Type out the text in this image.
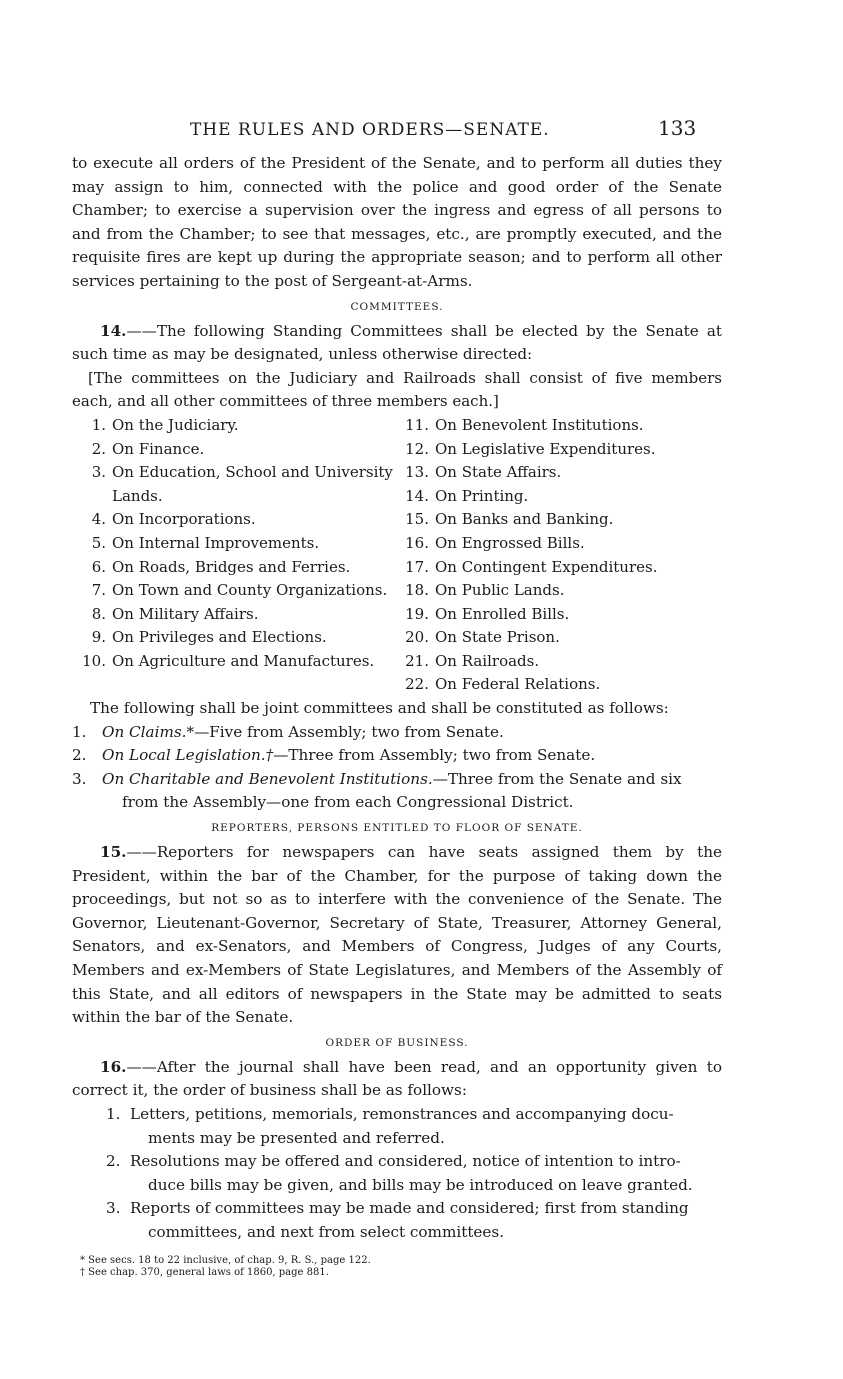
THE RULES AND ORDERS—SENATE.	133

to execute all orders of the President of the Senate, and to perform all duties they may assign to him, connected with the police and good order of the Senate Chamber; to exercise a supervision over the ingress and egress of all persons to and from the Chamber; to see that messages, etc., are promptly executed, and the requisite fires are kept up during the appropriate season; and to perform all other services pertaining to the post of Sergeant-at-Arms.

COMMITTEES.

14.——The following Standing Committees shall be elected by the Senate at such time as may be designated, unless otherwise directed:

[The committees on the Judiciary and Railroads shall consist of five members each, and all other committees of three members each.]

1. On the Judiciary.
2. On Finance.
3. On Education, School and University Lands.
4. On Incorporations.
5. On Internal Improvements.
6. On Roads, Bridges and Ferries.
7. On Town and County Organizations.
8. On Military Affairs.
9. On Privileges and Elections.
10. On Agriculture and Manufactures.
11. On Benevolent Institutions.
12. On Legislative Expenditures.
13. On State Affairs.
14. On Printing.
15. On Banks and Banking.
16. On Engrossed Bills.
17. On Contingent Expenditures.
18. On Public Lands.
19. On Enrolled Bills.
20. On State Prison.
21. On Railroads.
22. On Federal Relations.

The following shall be joint committees and shall be constituted as follows:

1.	On Claims.*—Five from Assembly; two from Senate.
2.	On Local Legislation.†—Three from Assembly; two from Senate.
3.	On Charitable and Benevolent Institutions.—Three from the Senate and six
from the Assembly—one from each Congressional District.
REPORTERS, PERSONS ENTITLED TO FLOOR OF SENATE.

15.——Reporters for newspapers can have seats assigned them by the President, within the bar of the Chamber, for the purpose of taking down the proceedings, but not so as to interfere with the convenience of the Senate. The Governor, Lieutenant-Governor, Secretary of State, Treasurer, Attorney General, Senators, and ex-Senators, and Members of Congress, Judges of any Courts, Members and ex-Members of State Legislatures, and Members of the Assembly of this State, and all editors of newspapers in the State may be admitted to seats within the bar of the Senate.

ORDER OF BUSINESS.

16.——After the journal shall have been read, and an opportunity given to correct it, the order of business shall be as follows:

1. Letters, petitions, memorials, remonstrances and accompanying docu-
ments may be presented and referred.
2. Resolutions may be offered and considered, notice of intention to intro-
duce bills may be given, and bills may be introduced on leave granted.
3. Reports of committees may be made and considered; first from standing
committees, and next from select committees.
* See secs. 18 to 22 inclusive, of chap. 9, R. S., page 122.
† See chap. 370, general laws of 1860, page 881.
